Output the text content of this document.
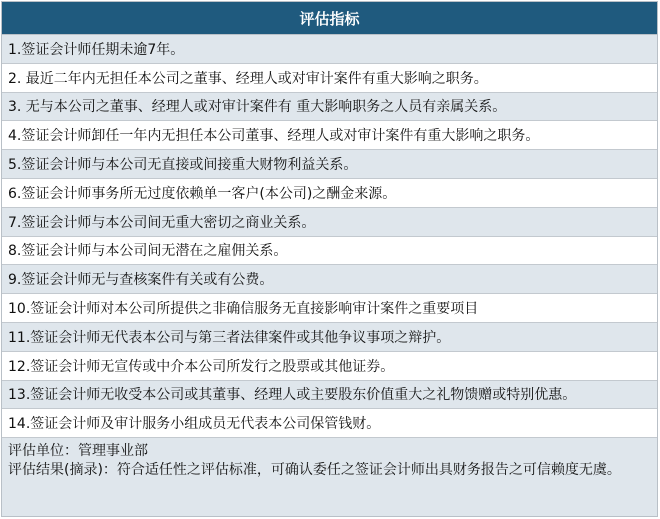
评估指标
1.签证会计师任期未逾7年。
2. 最近二年内无担任本公司之董事、经理人或对审计案件有重大影响之职务。
3. 无与本公司之董事、经理人或对审计案件有 重大影响职务之人员有亲属关系。
4.签证会计师卸任一年内无担任本公司董事、经理人或对审计案件有重大影响之职务。
5.签证会计师与本公司无直接或间接重大财物利益关系。
6.签证会计师事务所无过度依赖单一客户(本公司)之酬金来源。
7.签证会计师与本公司间无重大密切之商业关系。
8.签证会计师与本公司间无潜在之雇佣关系。
9.签证会计师无与查核案件有关或有公费。
10.签证会计师对本公司所提供之非确信服务无直接影响审计案件之重要项目
11.签证会计师无代表本公司与第三者法律案件或其他争议事项之辩护。
12.签证会计师无宣传或中介本公司所发行之股票或其他证券。
13.签证会计师无收受本公司或其董事、经理人或主要股东价值重大之礼物馈赠或特别优惠。
14.签证会计师及审计服务小组成员无代表本公司保管钱财。

评估单位：管理事业部

评估结果(摘录)：符合适任性之评估标准，可确认委任之签证会计师出具财务报告之可信赖度无虞。
